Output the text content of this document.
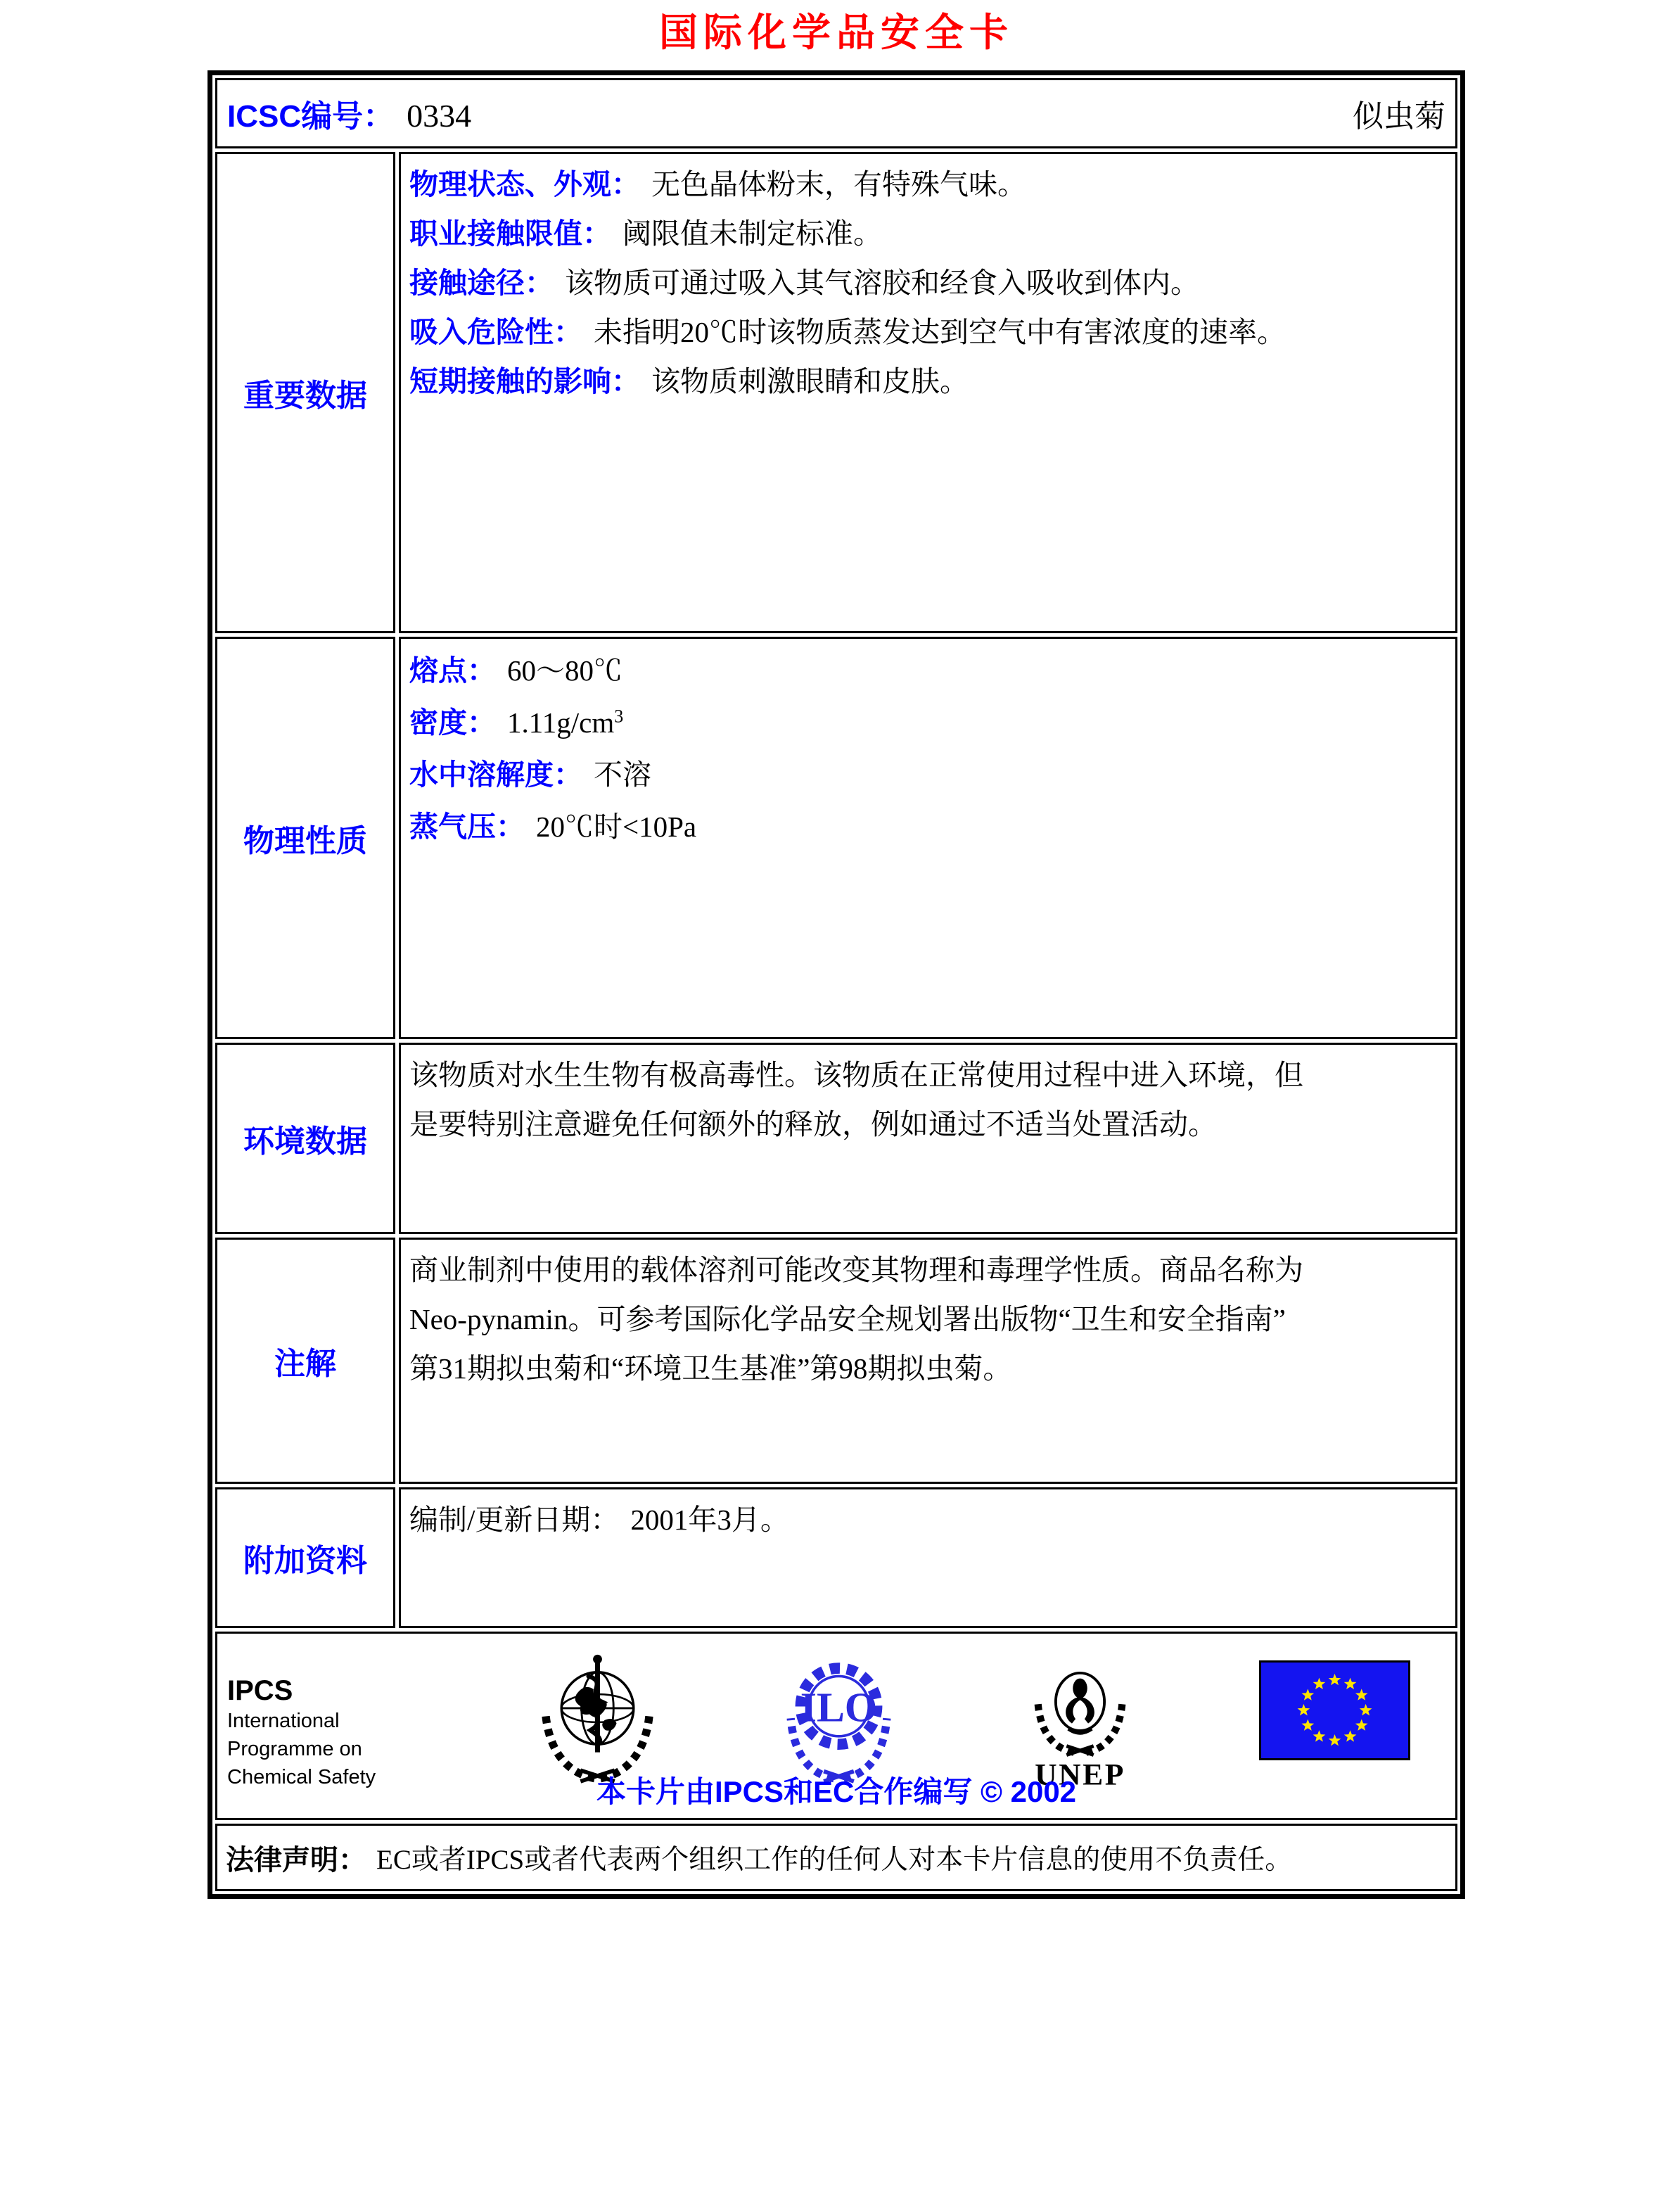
国际化学品安全卡
ICSC编号： 0334	似虫菊
重要数据
物理状态、外观： 无色晶体粉末，有特殊气味。
职业接触限值： 阈限值未制定标准。
接触途径： 该物质可通过吸入其气溶胶和经食入吸收到体内。
吸入危险性： 未指明20℃时该物质蒸发达到空气中有害浓度的速率。
短期接触的影响： 该物质刺激眼睛和皮肤。
物理性质
熔点： 60～80℃
密度： $1.11g/cm^3$
水中溶解度： 不溶
蒸气压： 20℃时<10Pa
环境数据
该物质对水生生物有极高毒性。该物质在正常使用过程中进入环境，但
是要特别注意避免任何额外的释放，例如通过不适当处置活动。
注解
商业制剂中使用的载体溶剂可能改变其物理和毒理学性质。商品名称为
Neo-pynamin。可参考国际化学品安全规划署出版物“卫生和安全指南”
第31期拟虫菊和“环境卫生基准”第98期拟虫菊。
附加资料
编制/更新日期： 2001年3月。
IPCS
International
Programme on
Chemical Safety
ILO
UNEP
本卡片由IPCS和EC合作编写 © 2002
法律声明： EC或者IPCS或者代表两个组织工作的任何人对本卡片信息的使用不负责任。
